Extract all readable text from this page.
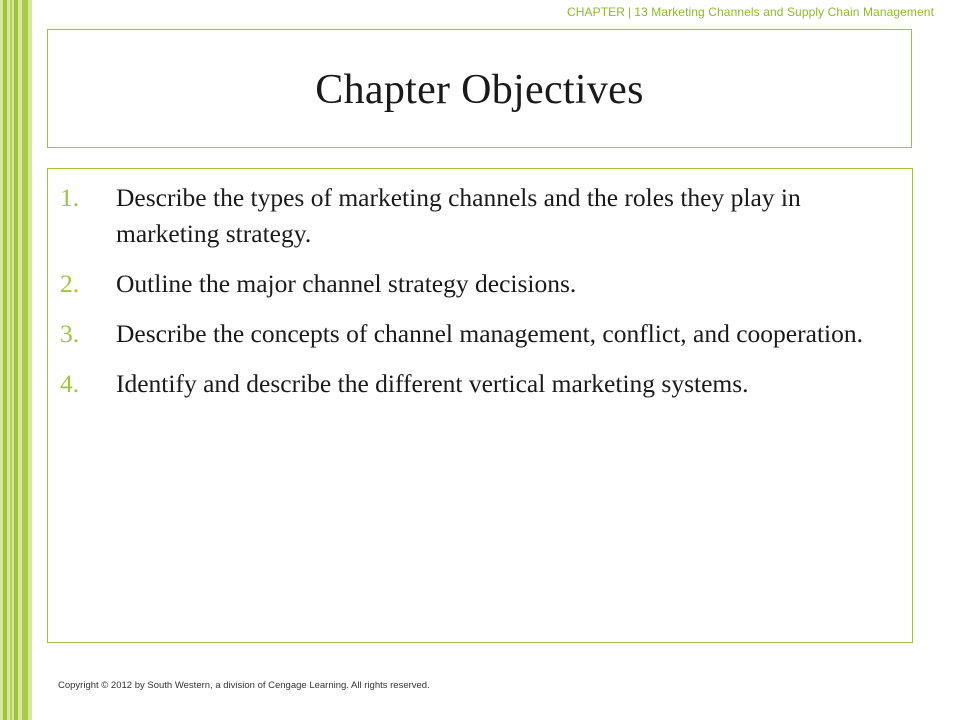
CHAPTER | 13 Marketing Channels and Supply Chain Management
Chapter Objectives
1. Describe the types of marketing channels and the roles they play in marketing strategy.
2. Outline the major channel strategy decisions.
3. Describe the concepts of channel management, conflict, and cooperation.
4. Identify and describe the different vertical marketing systems.
Copyright © 2012 by South Western, a division of Cengage Learning. All rights reserved.
